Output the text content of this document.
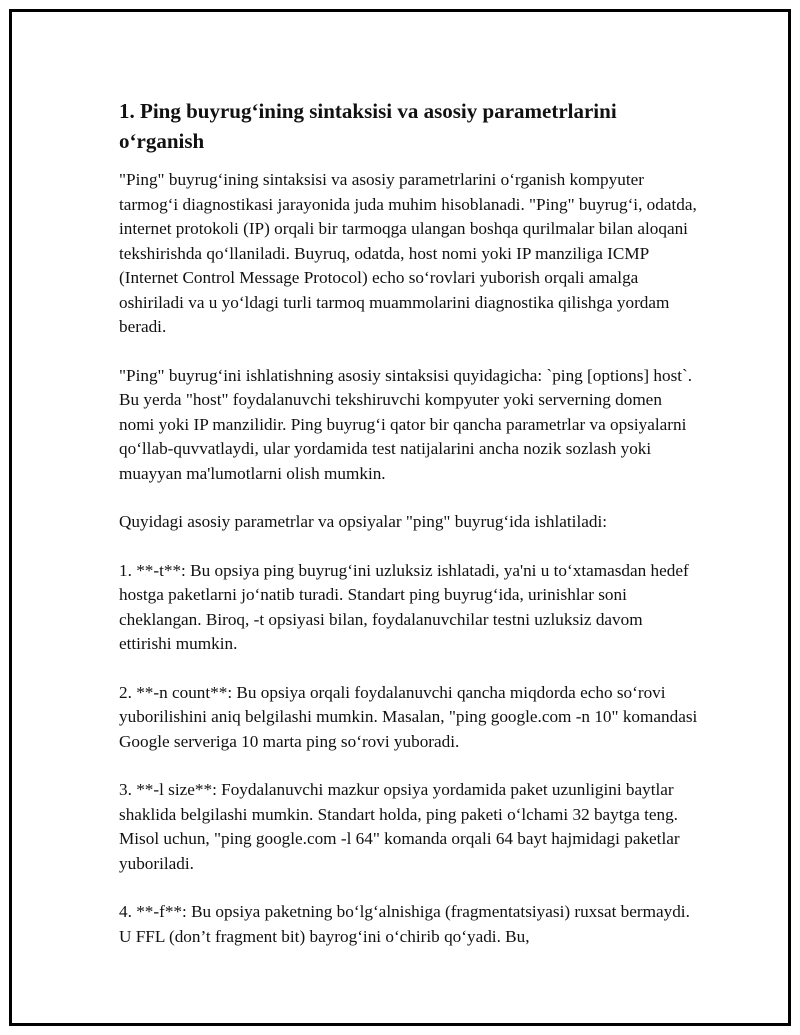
1. Ping buyrug‘ining sintaksisi va asosiy parametrlarini o‘rganish

"Ping" buyrug‘ining sintaksisi va asosiy parametrlarini o‘rganish kompyuter tarmog‘i diagnostikasi jarayonida juda muhim hisoblanadi. "Ping" buyrug‘i, odatda, internet protokoli (IP) orqali bir tarmoqga ulangan boshqa qurilmalar bilan aloqani tekshirishda qo‘llaniladi. Buyruq, odatda, host nomi yoki IP manziliga ICMP (Internet Control Message Protocol) echo so‘rovlari yuborish orqali amalga oshiriladi va u yo‘ldagi turli tarmoq muammolarini diagnostika qilishga yordam beradi.

"Ping" buyrug‘ini ishlatishning asosiy sintaksisi quyidagicha: `ping [options] host`. Bu yerda "host" foydalanuvchi tekshiruvchi kompyuter yoki serverning domen nomi yoki IP manzilidir. Ping buyrug‘i qator bir qancha parametrlar va opsiyalarni qo‘llab-quvvatlaydi, ular yordamida test natijalarini ancha nozik sozlash yoki muayyan ma'lumotlarni olish mumkin.

Quyidagi asosiy parametrlar va opsiyalar "ping" buyrug‘ida ishlatiladi:

1. **-t**: Bu opsiya ping buyrug‘ini uzluksiz ishlatadi, ya'ni u to‘xtamasdan hedef hostga paketlarni jo‘natib turadi. Standart ping buyrug‘ida, urinishlar soni cheklangan. Biroq, -t opsiyasi bilan, foydalanuvchilar testni uzluksiz davom ettirishi mumkin.

2. **-n count**: Bu opsiya orqali foydalanuvchi qancha miqdorda echo so‘rovi yuborilishini aniq belgilashi mumkin. Masalan, "ping google.com -n 10" komandasi Google serveriga 10 marta ping so‘rovi yuboradi.

3. **-l size**: Foydalanuvchi mazkur opsiya yordamida paket uzunligini baytlar shaklida belgilashi mumkin. Standart holda, ping paketi o‘lchami 32 baytga teng. Misol uchun, "ping google.com -l 64" komanda orqali 64 bayt hajmidagi paketlar yuboriladi.

4. **-f**: Bu opsiya paketning bo‘lg‘alnishiga (fragmentatsiyasi) ruxsat bermaydi. U FFL (don’t fragment bit) bayrog‘ini o‘chirib qo‘yadi. Bu,
